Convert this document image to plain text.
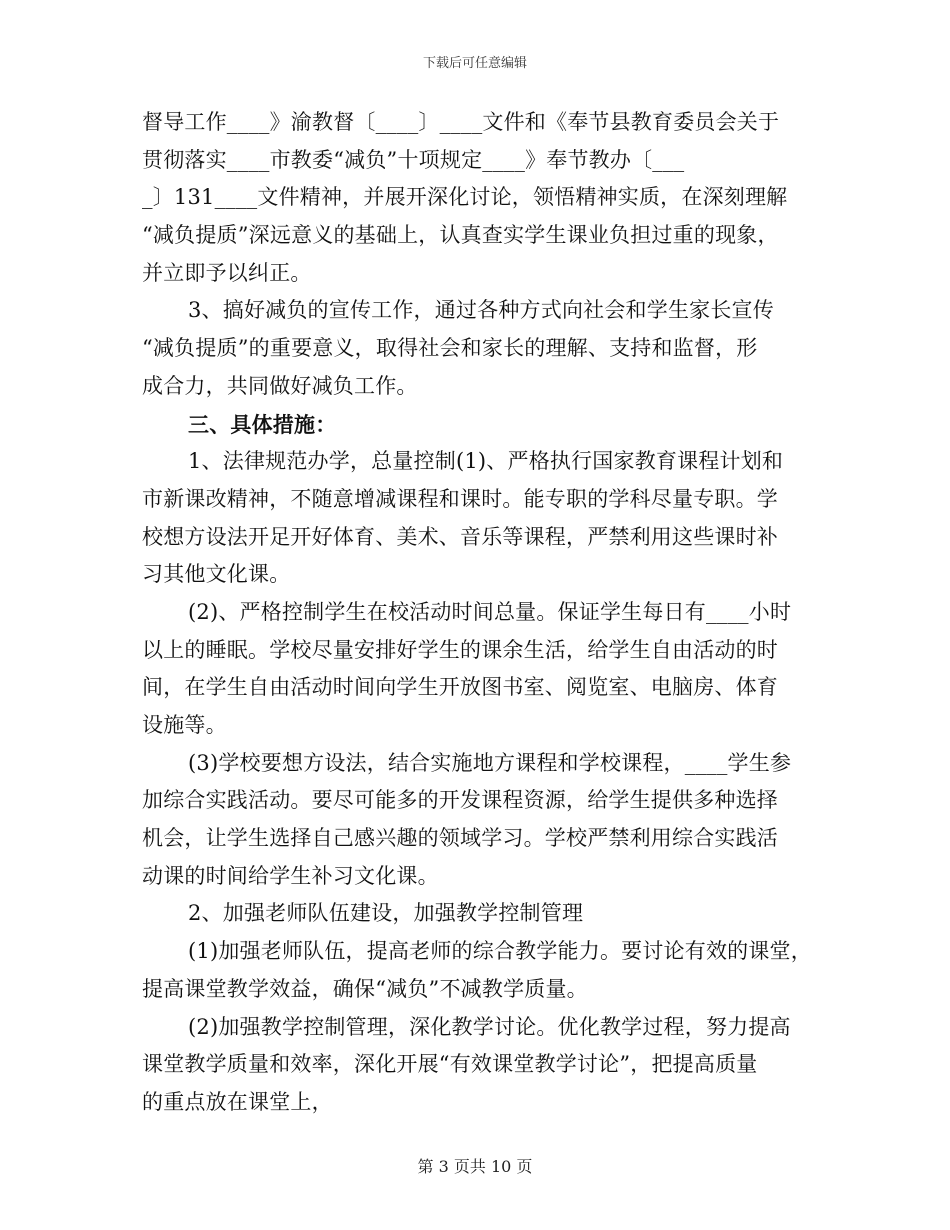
下载后可任意编辑
督导工作____》渝教督〔____〕____文件和《奉节县教育委员会关于
贯彻落实____市教委“减负”十项规定____》奉节教办〔___
_〕131____文件精神，并展开深化讨论，领悟精神实质，在深刻理解
“减负提质”深远意义的基础上，认真查实学生课业负担过重的现象，
并立即予以纠正。
3、搞好减负的宣传工作，通过各种方式向社会和学生家长宣传
“减负提质”的重要意义，取得社会和家长的理解、支持和监督，形
成合力，共同做好减负工作。
三、具体措施：
1、法律规范办学，总量控制(1)、严格执行国家教育课程计划和
市新课改精神，不随意增减课程和课时。能专职的学科尽量专职。学
校想方设法开足开好体育、美术、音乐等课程，严禁利用这些课时补
习其他文化课。
(2)、严格控制学生在校活动时间总量。保证学生每日有____小时
以上的睡眠。学校尽量安排好学生的课余生活，给学生自由活动的时
间，在学生自由活动时间向学生开放图书室、阅览室、电脑房、体育
设施等。
(3)学校要想方设法，结合实施地方课程和学校课程，____学生参
加综合实践活动。要尽可能多的开发课程资源，给学生提供多种选择
机会，让学生选择自己感兴趣的领域学习。学校严禁利用综合实践活
动课的时间给学生补习文化课。
2、加强老师队伍建设，加强教学控制管理
(1)加强老师队伍，提高老师的综合教学能力。要讨论有效的课堂，
提高课堂教学效益，确保“减负”不减教学质量。
(2)加强教学控制管理，深化教学讨论。优化教学过程，努力提高
课堂教学质量和效率，深化开展“有效课堂教学讨论”，把提高质量
的重点放在课堂上，
第 3 页共 10 页
